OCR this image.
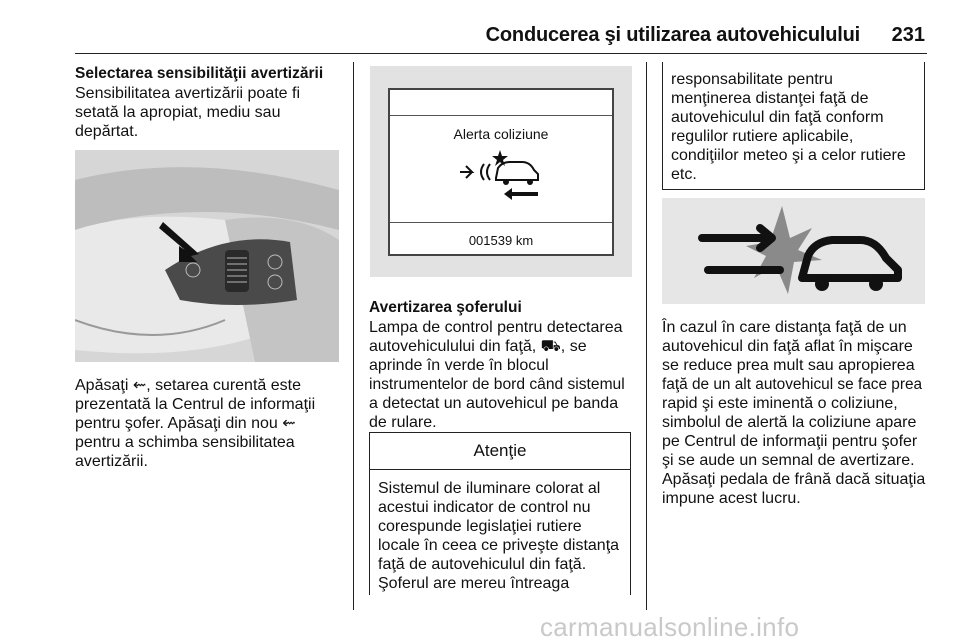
Conducerea şi utilizarea autovehiculului	231
Selectarea sensibilităţii avertizării
Sensibilitatea avertizării poate fi
setată la apropiat, mediu sau
depărtat.
Apăsaţi ⇜, setarea curentă este
prezentată la Centrul de informaţii
pentru şofer. Apăsaţi din nou ⇜
pentru a schimba sensibilitatea
avertizării.
Alerta coliziune
001539 km
Avertizarea şoferului
Lampa de control pentru detectarea
autovehiculului din faţă, ⛟, se
aprinde în verde în blocul
instrumentelor de bord când sistemul
a detectat un autovehicul pe banda
de rulare.
Atenţie
Sistemul de iluminare colorat al
acestui indicator de control nu
corespunde legislaţiei rutiere
locale în ceea ce priveşte distanţa
faţă de autovehiculul din faţă.
Şoferul are mereu întreaga
responsabilitate pentru
menţinerea distanţei faţă de
autovehiculul din faţă conform
regulilor rutiere aplicabile,
condiţiilor meteo şi a celor rutiere
etc.
În cazul în care distanţa faţă de un
autovehicul din faţă aflat în mişcare
se reduce prea mult sau apropierea
faţă de un alt autovehicul se face prea
rapid şi este iminentă o coliziune,
simbolul de alertă la coliziune apare
pe Centrul de informaţii pentru şofer
şi se aude un semnal de avertizare.
Apăsaţi pedala de frână dacă situaţia
impune acest lucru.
carmanualsonline.info
